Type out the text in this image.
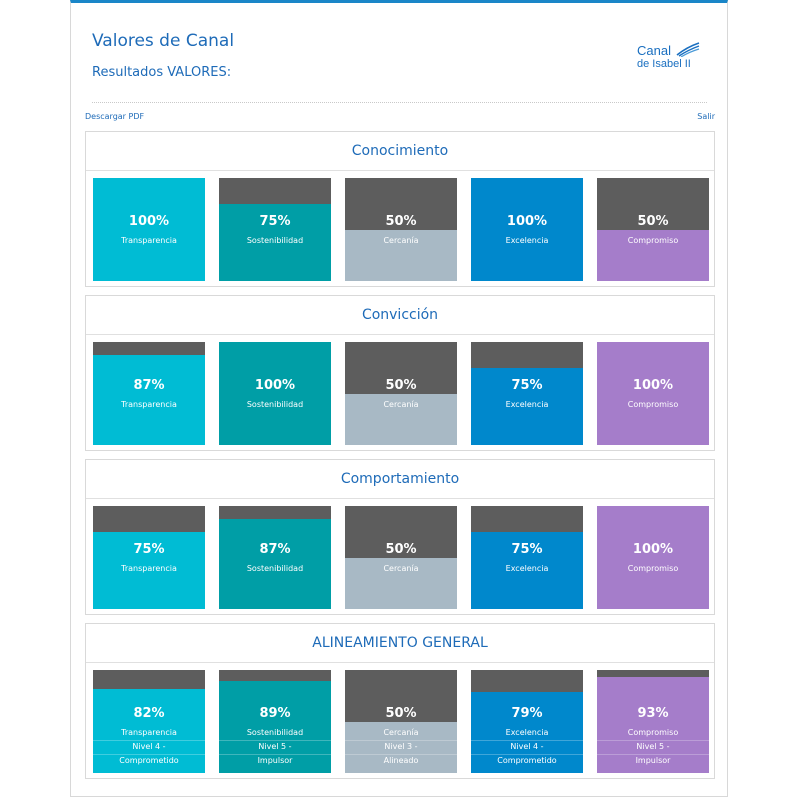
Valores de Canal
Resultados VALORES:
Canal
de Isabel II
Descargar PDF	Salir
Conocimiento
100%
Transparencia
75%
Sostenibilidad
50%
Cercanía
100%
Excelencia
50%
Compromiso
Convicción
87%
Transparencia
100%
Sostenibilidad
50%
Cercanía
75%
Excelencia
100%
Compromiso
Comportamiento
75%
Transparencia
87%
Sostenibilidad
50%
Cercanía
75%
Excelencia
100%
Compromiso
ALINEAMIENTO GENERAL
82%
Transparencia
Nivel 4 -
Comprometido
89%
Sostenibilidad
Nivel 5 -
Impulsor
50%
Cercanía
Nivel 3 -
Alineado
79%
Excelencia
Nivel 4 -
Comprometido
93%
Compromiso
Nivel 5 -
Impulsor
